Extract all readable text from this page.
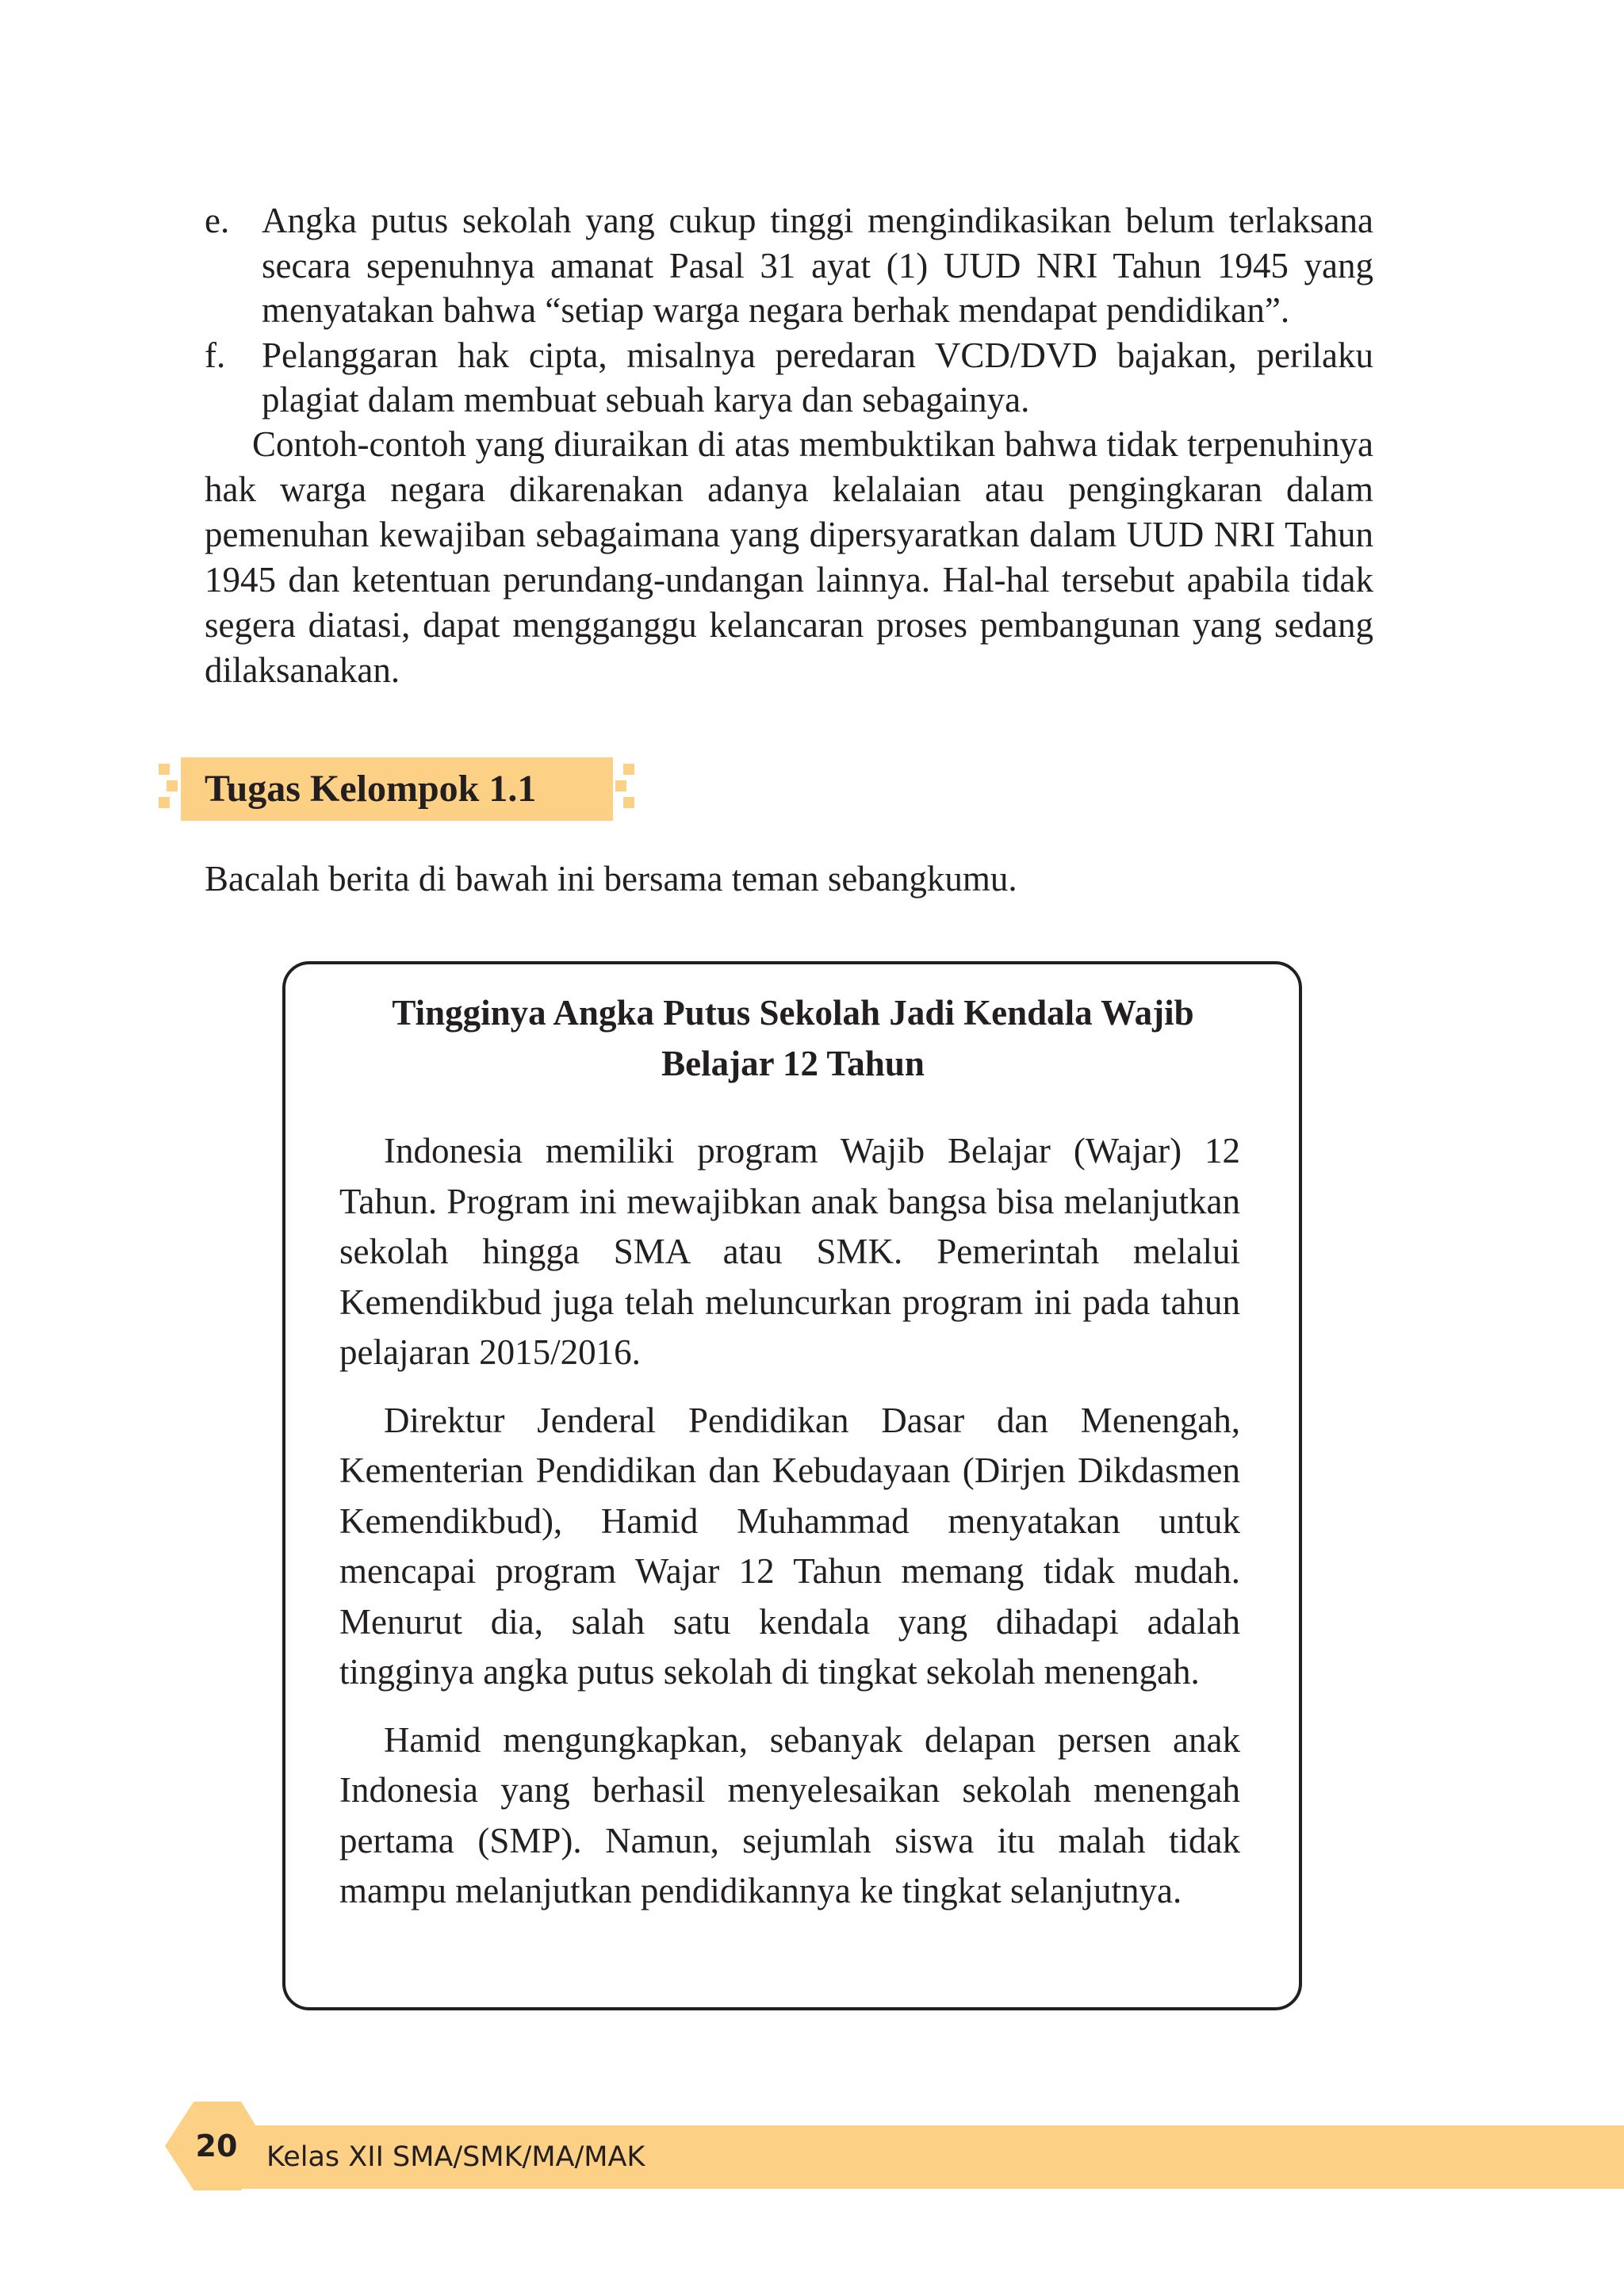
e. Angka putus sekolah yang cukup tinggi mengindikasikan belum terlaksana secara sepenuhnya amanat Pasal 31 ayat (1) UUD NRI Tahun 1945 yang menyatakan bahwa “setiap warga negara berhak mendapat pendidikan”.
f.	Pelanggaran hak cipta, misalnya peredaran VCD/DVD bajakan, perilaku plagiat dalam membuat sebuah karya dan sebagainya.

Contoh-contoh yang diuraikan di atas membuktikan bahwa tidak terpenuhinya hak warga negara dikarenakan adanya kelalaian atau pengingkaran dalam pemenuhan kewajiban sebagaimana yang dipersyaratkan dalam UUD NRI Tahun 1945 dan ketentuan perundang-undangan lainnya. Hal-hal tersebut apabila tidak segera diatasi, dapat mengganggu kelancaran proses pembangunan yang sedang dilaksanakan.

Tugas Kelompok 1.1

Bacalah berita di bawah ini bersama teman sebangkumu.

Tingginya Angka Putus Sekolah Jadi Kendala Wajib
Belajar 12 Tahun

Indonesia memiliki program Wajib Belajar (Wajar) 12 Tahun. Program ini mewajibkan anak bangsa bisa melanjutkan sekolah hingga SMA atau SMK. Pemerintah melalui Kemendikbud juga telah meluncurkan program ini pada tahun pelajaran 2015/2016.

Direktur Jenderal Pendidikan Dasar dan Menengah, Kementerian Pendidikan dan Kebudayaan (Dirjen Dikdasmen Kemendikbud), Hamid Muhammad menyatakan untuk mencapai program Wajar 12 Tahun memang tidak mudah. Menurut dia, salah satu kendala yang dihadapi adalah tingginya angka putus sekolah di tingkat sekolah menengah.

Hamid mengungkapkan, sebanyak delapan persen anak Indonesia yang berhasil menyelesaikan sekolah menengah pertama (SMP). Namun, sejumlah siswa itu malah tidak mampu melanjutkan pendidikannya ke tingkat selanjutnya.

20	Kelas XII SMA/SMK/MA/MAK
